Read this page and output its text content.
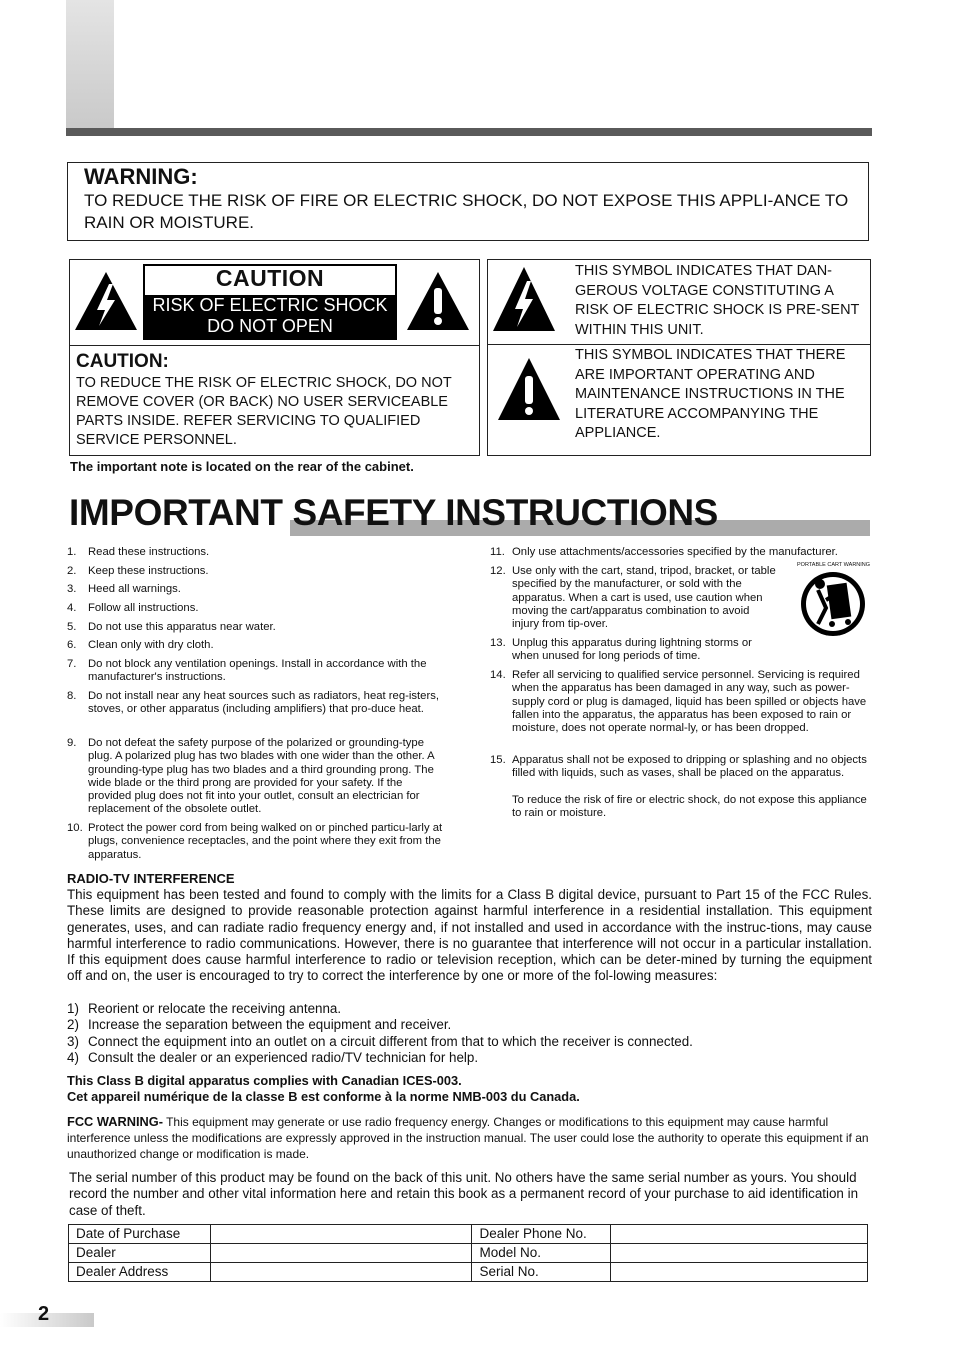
WARNING:
TO REDUCE THE RISK OF FIRE OR ELECTRIC SHOCK, DO NOT EXPOSE THIS APPLI-ANCE TO RAIN OR MOISTURE.
CAUTION
RISK OF ELECTRIC SHOCK
DO NOT OPEN
CAUTION:
TO REDUCE THE RISK OF ELECTRIC SHOCK, DO NOT REMOVE COVER (OR BACK) NO USER SERVICEABLE PARTS INSIDE. REFER SERVICING TO QUALIFIED SERVICE PERSONNEL.
THIS SYMBOL INDICATES THAT DAN-GEROUS VOLTAGE CONSTITUTING A RISK OF ELECTRIC SHOCK IS PRE-SENT WITHIN THIS UNIT.
THIS SYMBOL INDICATES THAT THERE ARE IMPORTANT OPERATING AND MAINTENANCE INSTRUCTIONS IN THE LITERATURE ACCOMPANYING THE APPLIANCE.
The important note is located on the rear of the cabinet.
IMPORTANT SAFETY INSTRUCTIONS
1. Read these instructions.
2. Keep these instructions.
3. Heed all warnings.
4. Follow all instructions.
5. Do not use this apparatus near water.
6. Clean only with dry cloth.
7. Do not block any ventilation openings. Install in accordance with the manufacturer's instructions.
8. Do not install near any heat sources such as radiators, heat reg-isters, stoves, or other apparatus (including amplifiers) that pro-duce heat.
9. Do not defeat the safety purpose of the polarized or grounding-type plug. A polarized plug has two blades with one wider than the other. A grounding-type plug has two blades and a third grounding prong. The wide blade or the third prong are provided for your safety. If the provided plug does not fit into your outlet, consult an electrician for replacement of the obsolete outlet.
10. Protect the power cord from being walked on or pinched particu-larly at plugs, convenience receptacles, and the point where they exit from the apparatus.
11. Only use attachments/accessories specified by the manufacturer.
12. Use only with the cart, stand, tripod, bracket, or table specified by the manufacturer, or sold with the apparatus. When a cart is used, use caution when moving the cart/apparatus combination to avoid injury from tip-over.
13. Unplug this apparatus during lightning storms or when unused for long periods of time.
14. Refer all servicing to qualified service personnel. Servicing is required when the apparatus has been damaged in any way, such as power-supply cord or plug is damaged, liquid has been spilled or objects have fallen into the apparatus, the apparatus has been exposed to rain or moisture, does not operate normal-ly, or has been dropped.
15. Apparatus shall not be exposed to dripping or splashing and no objects filled with liquids, such as vases, shall be placed on the apparatus.
To reduce the risk of fire or electric shock, do not expose this appliance to rain or moisture.
PORTABLE CART WARNING
RADIO-TV INTERFERENCE
This equipment has been tested and found to comply with the limits for a Class B digital device, pursuant to Part 15 of the FCC Rules. These limits are designed to provide reasonable protection against harmful interference in a residential installation. This equipment generates, uses, and can radiate radio frequency energy and, if not installed and used in accordance with the instruc-tions, may cause harmful interference to radio communications. However, there is no guarantee that interference will not occur in a particular installation. If this equipment does cause harmful interference to radio or television reception, which can be deter-mined by turning the equipment off and on, the user is encouraged to try to correct the interference by one or more of the fol-lowing measures:
1) Reorient or relocate the receiving antenna.
2) Increase the separation between the equipment and receiver.
3) Connect the equipment into an outlet on a circuit different from that to which the receiver is connected.
4) Consult the dealer or an experienced radio/TV technician for help.
This Class B digital apparatus complies with Canadian ICES-003.
Cet appareil numérique de la classe B est conforme à la norme NMB-003 du Canada.
FCC WARNING- This equipment may generate or use radio frequency energy. Changes or modifications to this equipment may cause harmful interference unless the modifications are expressly approved in the instruction manual. The user could lose the authority to operate this equipment if an unauthorized change or modification is made.
The serial number of this product may be found on the back of this unit. No others have the same serial number as yours. You should record the number and other vital information here and retain this book as a permanent record of your purchase to aid identification in case of theft.
Date of Purchase		Dealer Phone No.	
Dealer		Model No.	
Dealer Address		Serial No.	
2
